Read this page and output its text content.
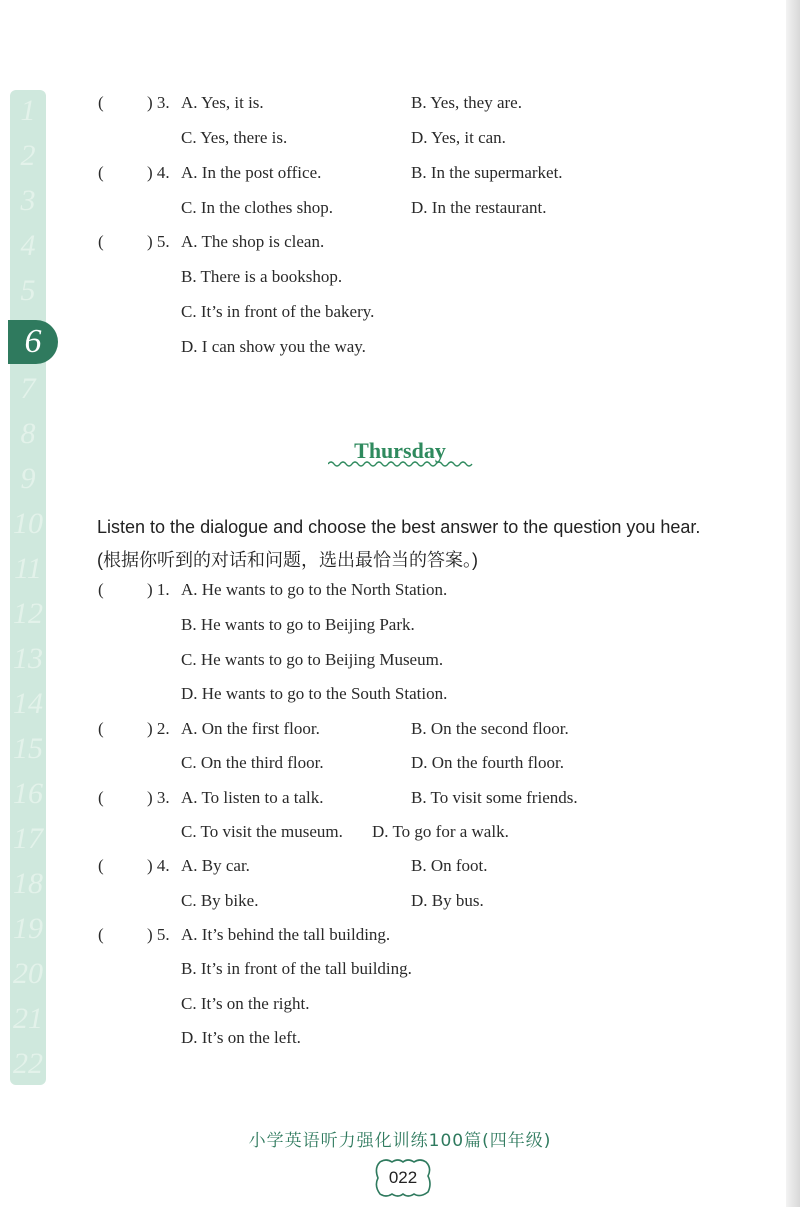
1
2
3
4
5
6
7
8
9
10
11
12
13
14
15
16
17
18
19
20
21
22
(	) 3. A. Yes, it is.	B. Yes, they are.
C. Yes, there is.	D. Yes, it can.
(	) 4. A. In the post office.	B. In the supermarket.
C. In the clothes shop.	D. In the restaurant.
(	) 5. A. The shop is clean.
B. There is a bookshop.
C. It’s in front of the bakery.
D. I can show you the way.
Thursday
Listen to the dialogue and choose the best answer to the question you hear.(根据你听到的对话和问题，选出最恰当的答案。)
(	) 1. A. He wants to go to the North Station.
B. He wants to go to Beijing Park.
C. He wants to go to Beijing Museum.
D. He wants to go to the South Station.
(	) 2. A. On the first floor.	B. On the second floor.
C. On the third floor.	D. On the fourth floor.
(	) 3. A. To listen to a talk.	B. To visit some friends.
C. To visit the museum. D. To go for a walk.
(	) 4. A. By car.	B. On foot.
C. By bike.	D. By bus.
(	) 5. A. It’s behind the tall building.
B. It’s in front of the tall building.
C. It’s on the right.
D. It’s on the left.
小学英语听力强化训练100篇(四年级)
022
